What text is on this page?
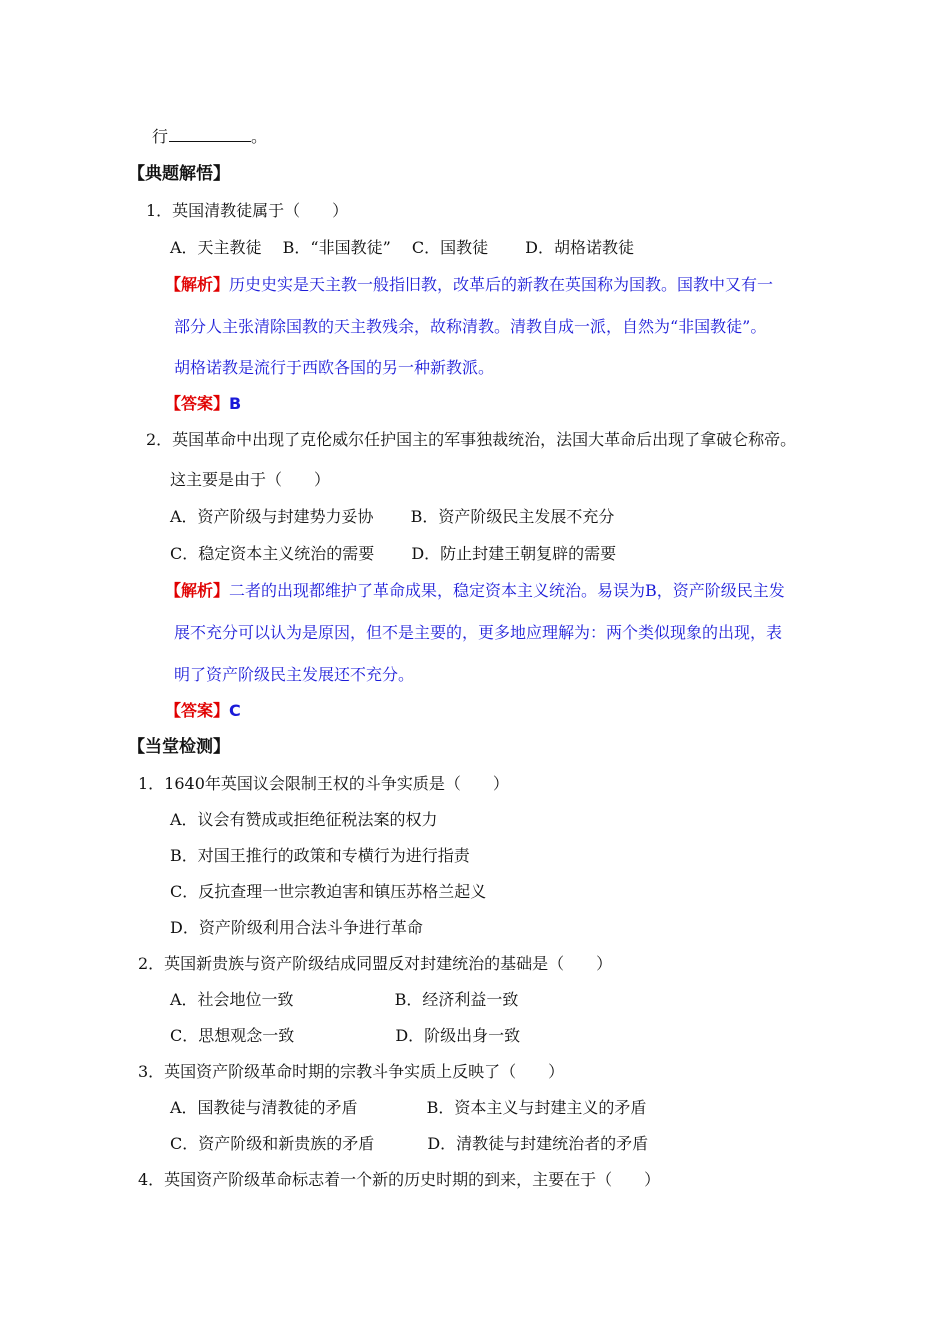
行	。
【典题解悟】
1．英国清教徒属于（　　）
A．天主教徒　 B．“非国教徒”　 C．国教徒　　 D．胡格诺教徒
【解析】历史史实是天主教一般指旧教，改革后的新教在英国称为国教。国教中又有一
部分人主张清除国教的天主教残余，故称清教。清教自成一派，自然为“非国教徒”。
胡格诺教是流行于西欧各国的另一种新教派。
【答案】B
2．英国革命中出现了克伦威尔任护国主的军事独裁统治，法国大革命后出现了拿破仑称帝。
这主要是由于（　　）
A．资产阶级与封建势力妥协　　 B．资产阶级民主发展不充分
C．稳定资本主义统治的需要　　 D．防止封建王朝复辟的需要
【解析】二者的出现都维护了革命成果，稳定资本主义统治。易误为B，资产阶级民主发
展不充分可以认为是原因，但不是主要的，更多地应理解为：两个类似现象的出现，表
明了资产阶级民主发展还不充分。
【答案】C
【当堂检测】
1．1640年英国议会限制王权的斗争实质是（　　）
A．议会有赞成或拒绝征税法案的权力
B．对国王推行的政策和专横行为进行指责
C．反抗查理一世宗教迫害和镇压苏格兰起义
D．资产阶级利用合法斗争进行革命
2．英国新贵族与资产阶级结成同盟反对封建统治的基础是（　　）
A．社会地位一致　　　　　　 B．经济利益一致
C．思想观念一致　　　　　　 D．阶级出身一致
3．英国资产阶级革命时期的宗教斗争实质上反映了（　　）
A．国教徒与清教徒的矛盾　　　　 B．资本主义与封建主义的矛盾
C．资产阶级和新贵族的矛盾　　　 D．清教徒与封建统治者的矛盾
4．英国资产阶级革命标志着一个新的历史时期的到来，主要在于（　　）
